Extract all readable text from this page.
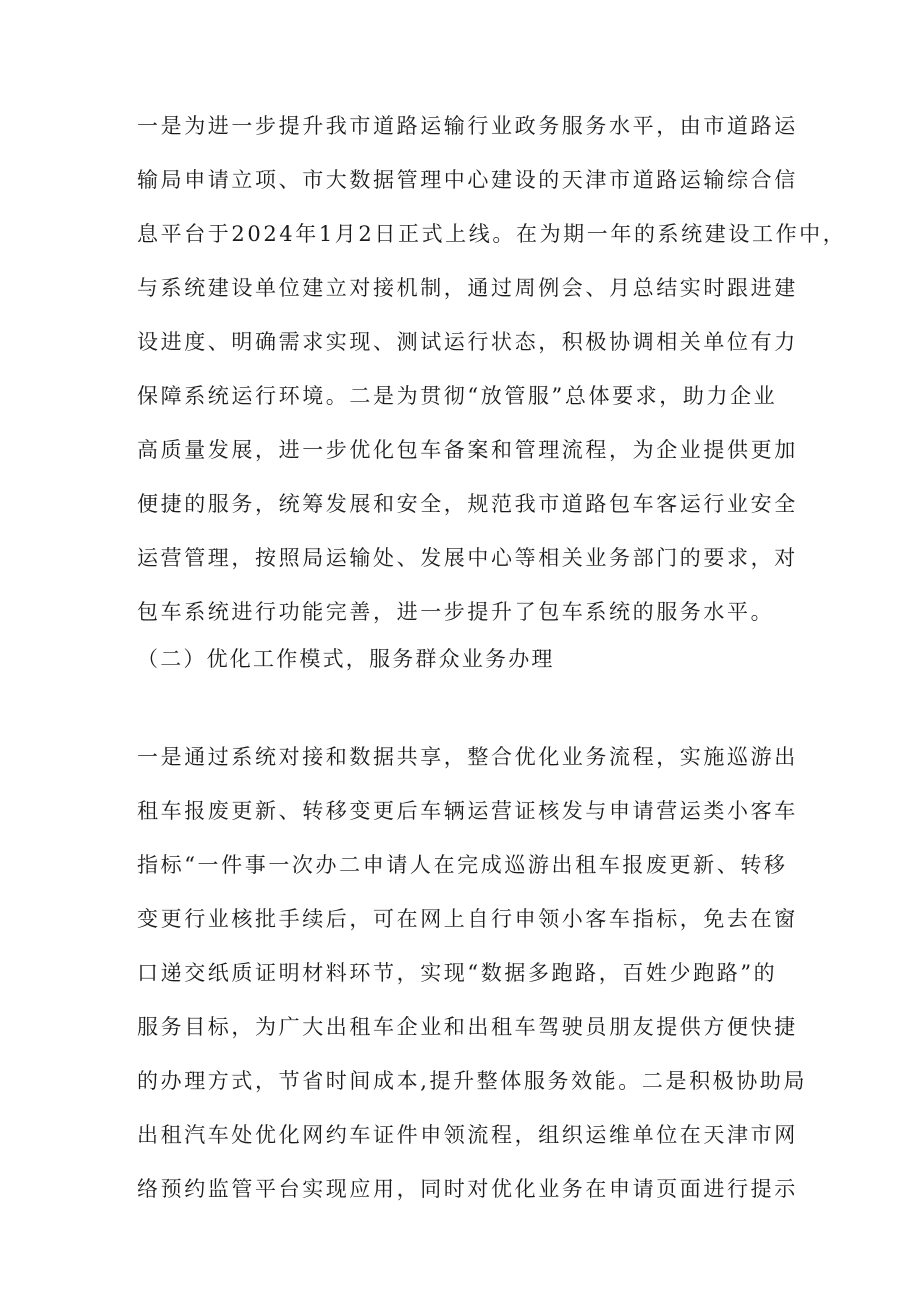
一是为进一步提升我市道路运输行业政务服务水平，由市道路运
输局申请立项、市大数据管理中心建设的天津市道路运输综合信
息平台于2024年1月2日正式上线。在为期一年的系统建设工作中，
与系统建设单位建立对接机制，通过周例会、月总结实时跟进建
设进度、明确需求实现、测试运行状态，积极协调相关单位有力
保障系统运行环境。二是为贯彻“放管服”总体要求，助力企业
高质量发展，进一步优化包车备案和管理流程，为企业提供更加
便捷的服务，统筹发展和安全，规范我市道路包车客运行业安全
运营管理，按照局运输处、发展中心等相关业务部门的要求，对
包车系统进行功能完善，进一步提升了包车系统的服务水平。
（二）优化工作模式，服务群众业务办理
一是通过系统对接和数据共享，整合优化业务流程，实施巡游出
租车报废更新、转移变更后车辆运营证核发与申请营运类小客车
指标“一件事一次办二申请人在完成巡游出租车报废更新、转移
变更行业核批手续后，可在网上自行申领小客车指标，免去在窗
口递交纸质证明材料环节，实现“数据多跑路，百姓少跑路”的
服务目标，为广大出租车企业和出租车驾驶员朋友提供方便快捷
的办理方式，节省时间成本,提升整体服务效能。二是积极协助局
出租汽车处优化网约车证件申领流程，组织运维单位在天津市网
络预约监管平台实现应用，同时对优化业务在申请页面进行提示
